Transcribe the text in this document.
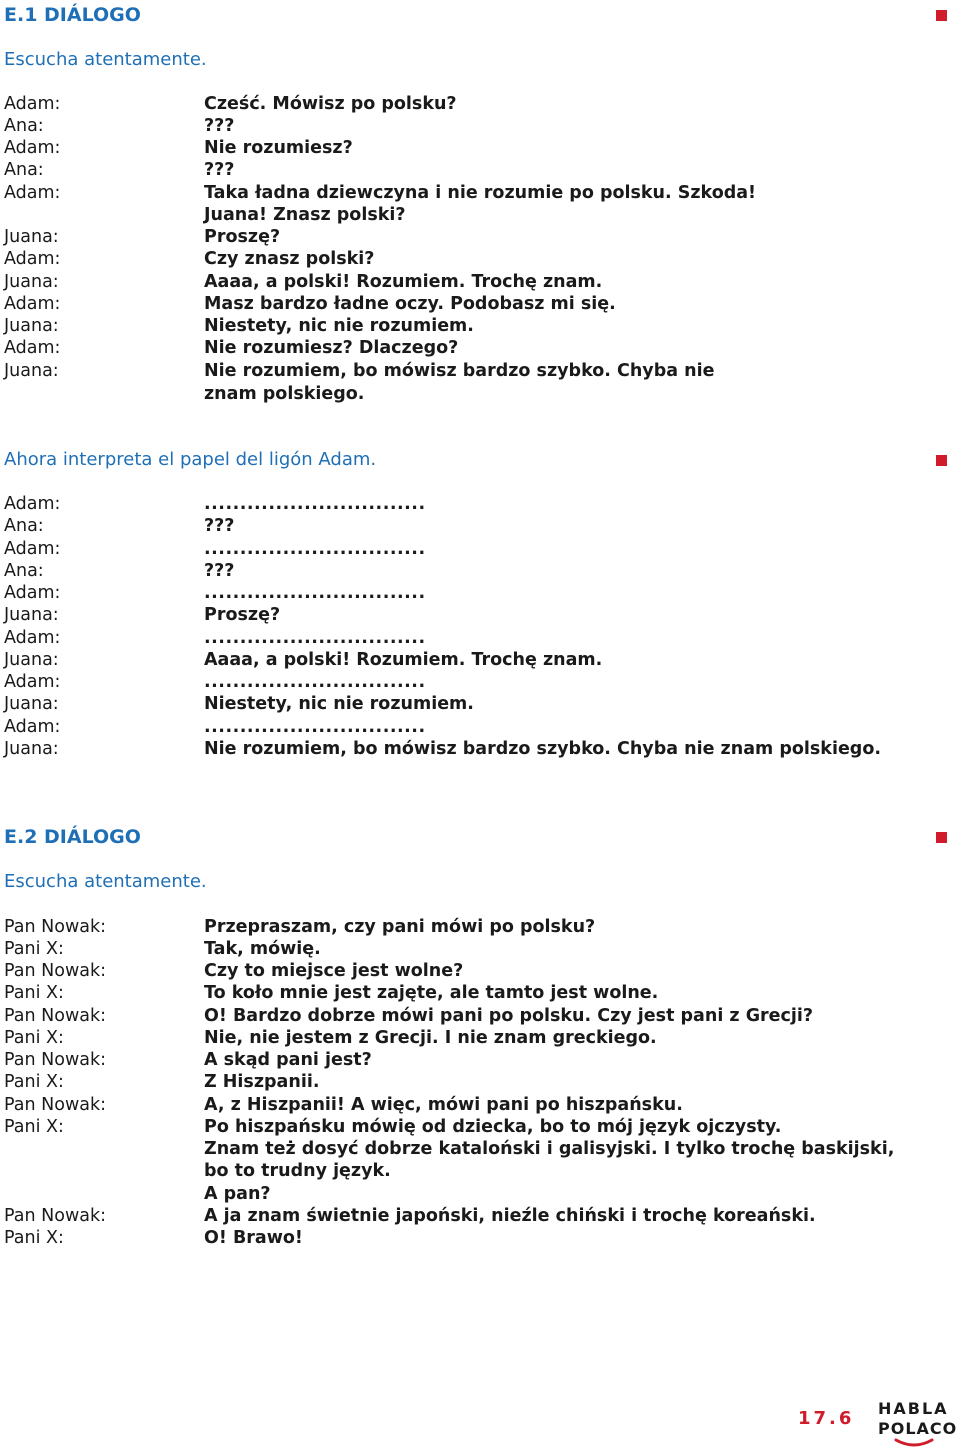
E.1 DIÁLOGO
Escucha atentamente.
Adam:	Cześć. Mówisz po polsku?
Ana:	???
Adam:	Nie rozumiesz?
Ana:	???
Adam:	Taka ładna dziewczyna i nie rozumie po polsku. Szkoda!
Juana! Znasz polski?
Juana:	Proszę?
Adam:	Czy znasz polski?
Juana:	Aaaa, a polski! Rozumiem. Trochę znam.
Adam:	Masz bardzo ładne oczy. Podobasz mi się.
Juana:	Niestety, nic nie rozumiem.
Adam:	Nie rozumiesz? Dlaczego?
Juana:	Nie rozumiem, bo mówisz bardzo szybko. Chyba nie znam polskiego.
Ahora interpreta el papel del ligón Adam.
Adam:	...............................
Ana:	???
Adam:	...............................
Ana:	???
Adam:	...............................
Juana:	Proszę?
Adam:	...............................
Juana:	Aaaa, a polski! Rozumiem. Trochę znam.
Adam:	...............................
Juana:	Niestety, nic nie rozumiem.
Adam:	...............................
Juana:	Nie rozumiem, bo mówisz bardzo szybko. Chyba nie znam polskiego.
E.2 DIÁLOGO
Escucha atentamente.
Pan Nowak:	Przepraszam, czy pani mówi po polsku?
Pani X:	Tak, mówię.
Pan Nowak:	Czy to miejsce jest wolne?
Pani X:	To koło mnie jest zajęte, ale tamto jest wolne.
Pan Nowak:	O! Bardzo dobrze mówi pani po polsku. Czy jest pani z Grecji?
Pani X:	Nie, nie jestem z Grecji. I nie znam greckiego.
Pan Nowak:	A skąd pani jest?
Pani X:	Z Hiszpanii.
Pan Nowak:	A, z Hiszpanii! A więc, mówi pani po hiszpańsku.
Pani X:	Po hiszpańsku mówię od dziecka, bo to mój język ojczysty.
Znam też dosyć dobrze kataloński i galisyjski. I tylko trochę baskijski,
bo to trudny język.
A pan?
Pan Nowak:	A ja znam świetnie japoński, nieźle chiński i trochę koreański.
Pani X:	O! Brawo!
17.6 HABLA
POLACO
